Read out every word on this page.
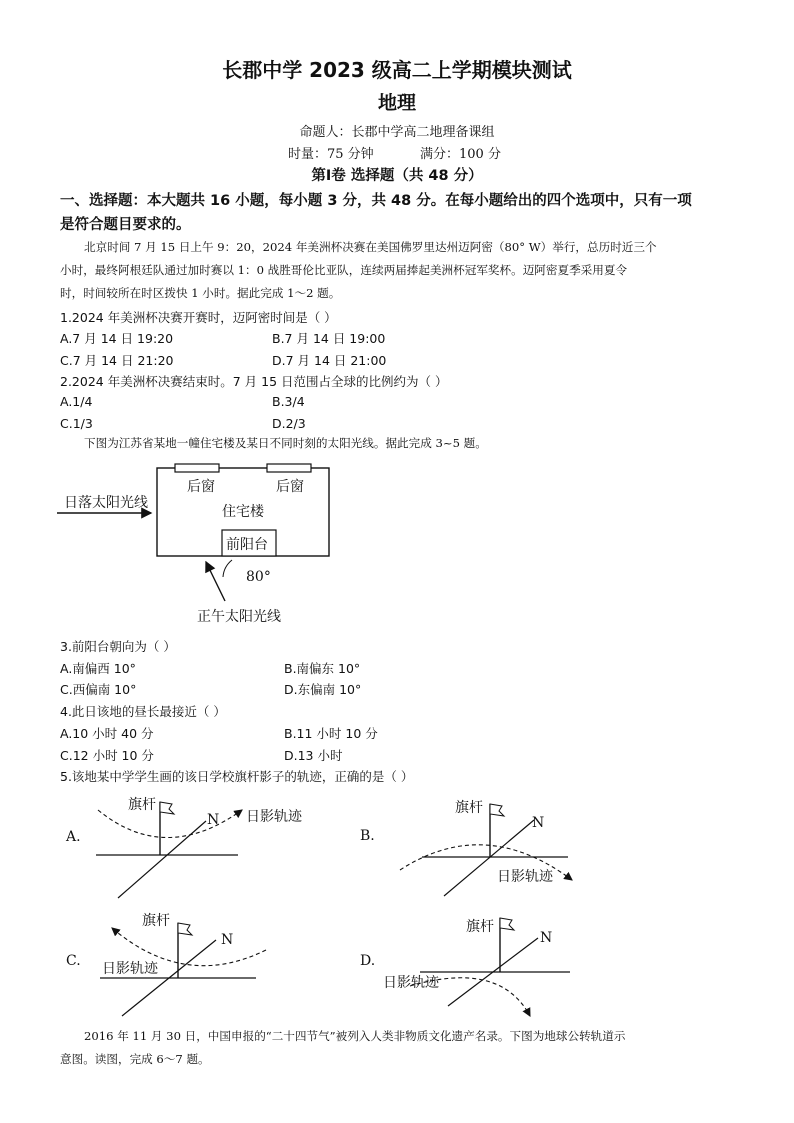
长郡中学 2023 级高二上学期模块测试
地理
命题人：长郡中学高二地理备课组
时量：75 分钟	满分：100 分
第Ⅰ卷 选择题（共 48 分）
一、选择题：本大题共 16 小题，每小题 3 分，共 48 分。在每小题给出的四个选项中，只有一项
是符合题目要求的。
北京时间 7 月 15 日上午 9：20，2024 年美洲杯决赛在美国佛罗里达州迈阿密（80° W）举行，总历时近三个
小时，最终阿根廷队通过加时赛以 1：0 战胜哥伦比亚队，连续两届捧起美洲杯冠军奖杯。迈阿密夏季采用夏令
时，时间较所在时区拨快 1 小时。据此完成 1～2 题。
1.2024 年美洲杯决赛开赛时，迈阿密时间是（ ）
A.7 月 14 日 19:20	B.7 月 14 日 19:00
C.7 月 14 日 21:20	D.7 月 14 日 21:00
2.2024 年美洲杯决赛结束时。7 月 15 日范围占全球的比例约为（ ）
A.1/4	B.3/4
C.1/3	D.2/3
下图为江苏省某地一幢住宅楼及某日不同时刻的太阳光线。据此完成 3~5 题。
后窗	后窗
住宅楼
前阳台
日落太阳光线
80°
正午太阳光线
3.前阳台朝向为（ ）
A.南偏西 10°	B.南偏东 10°
C.西偏南 10°	D.东偏南 10°
4.此日该地的昼长最接近（ ）
A.10 小时 40 分	B.11 小时 10 分
C.12 小时 10 分	D.13 小时
5.该地某中学学生画的该日学校旗杆影子的轨迹，正确的是（ ）
A.
旗杆
N 日影轨迹
B.
旗杆
N
日影轨迹
C.
旗杆
N
日影轨迹	D.
旗杆
N
日影轨迹
2016 年 11 月 30 日，中国申报的“二十四节气”被列入人类非物质文化遗产名录。下图为地球公转轨道示
意图。读图，完成 6～7 题。
